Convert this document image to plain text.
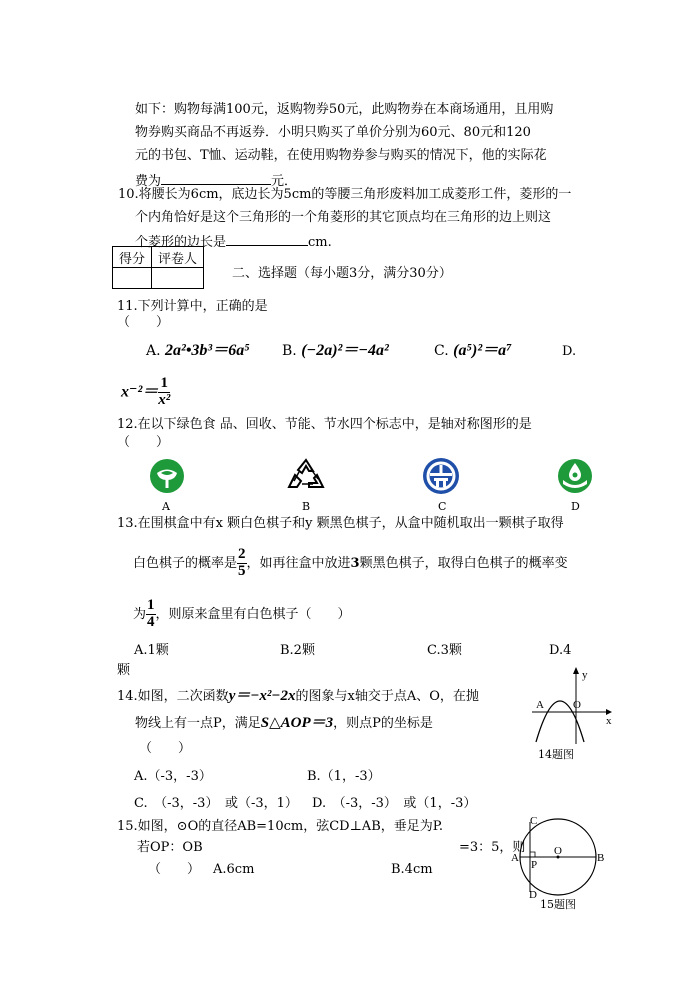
如下：购物每满100元，返购物券50元，此购物券在本商场通用，且用购
物券购买商品不再返券．小明只购买了单价分别为60元、80元和120
元的书包、T恤、运动鞋，在使用购物券参与购买的情况下，他的实际花
费为	元．
10.将腰长为6cm，底边长为5cm的等腰三角形废料加工成菱形工件，菱形的一
个内角恰好是这个三角形的一个角菱形的其它顶点均在三角形的边上则这
个菱形的边长是	cm.
得分	评卷人

二、选择题（每小题3分，满分30分）
11.下列计算中，正确的是
（　　）
A. 2a²•3b³＝6a⁵ B. (−2a)²＝−4a²	C. (a⁵)²＝a⁷	D.
$x^{-2}= \frac{1}{\text{x²}}$
12.在以下绿色食 品、回收、节能、节水四个标志中，是轴对称图形的是
（　　）
A	B	C	D
13.在围棋盒中有x 颗白色棋子和y 颗黑色棋子，从盒中随机取出一颗棋子取得
白色棋子的概率是 $\frac{2}{5}$ ，如再往盒中放进3颗黑色棋子，取得白色棋子的概率变
为 $\frac{1}{4}$ ，则原来盒里有白色棋子（　　）
A.1颗	B.2颗	C.3颗	D.4
颗
14.如图，二次函数y＝−x²−2x的图象与x轴交于点A、O，在抛
物线上有一点P，满足S△AOP＝3，则点P的坐标是
（　　）
A.（-3，-3）	B.（1，-3）
C.　（-3，-3）　或（-3，1） D.　（-3，-3）　或（1，-3）
y
x
A	O
14题图
15.如图，⊙O的直径AB=10cm，弦CD⊥AB，垂足为P.
若OP：OB	=3：5，则
（　　） A.6cm	B.4cm
C
D
A	B
O
P
15题图
